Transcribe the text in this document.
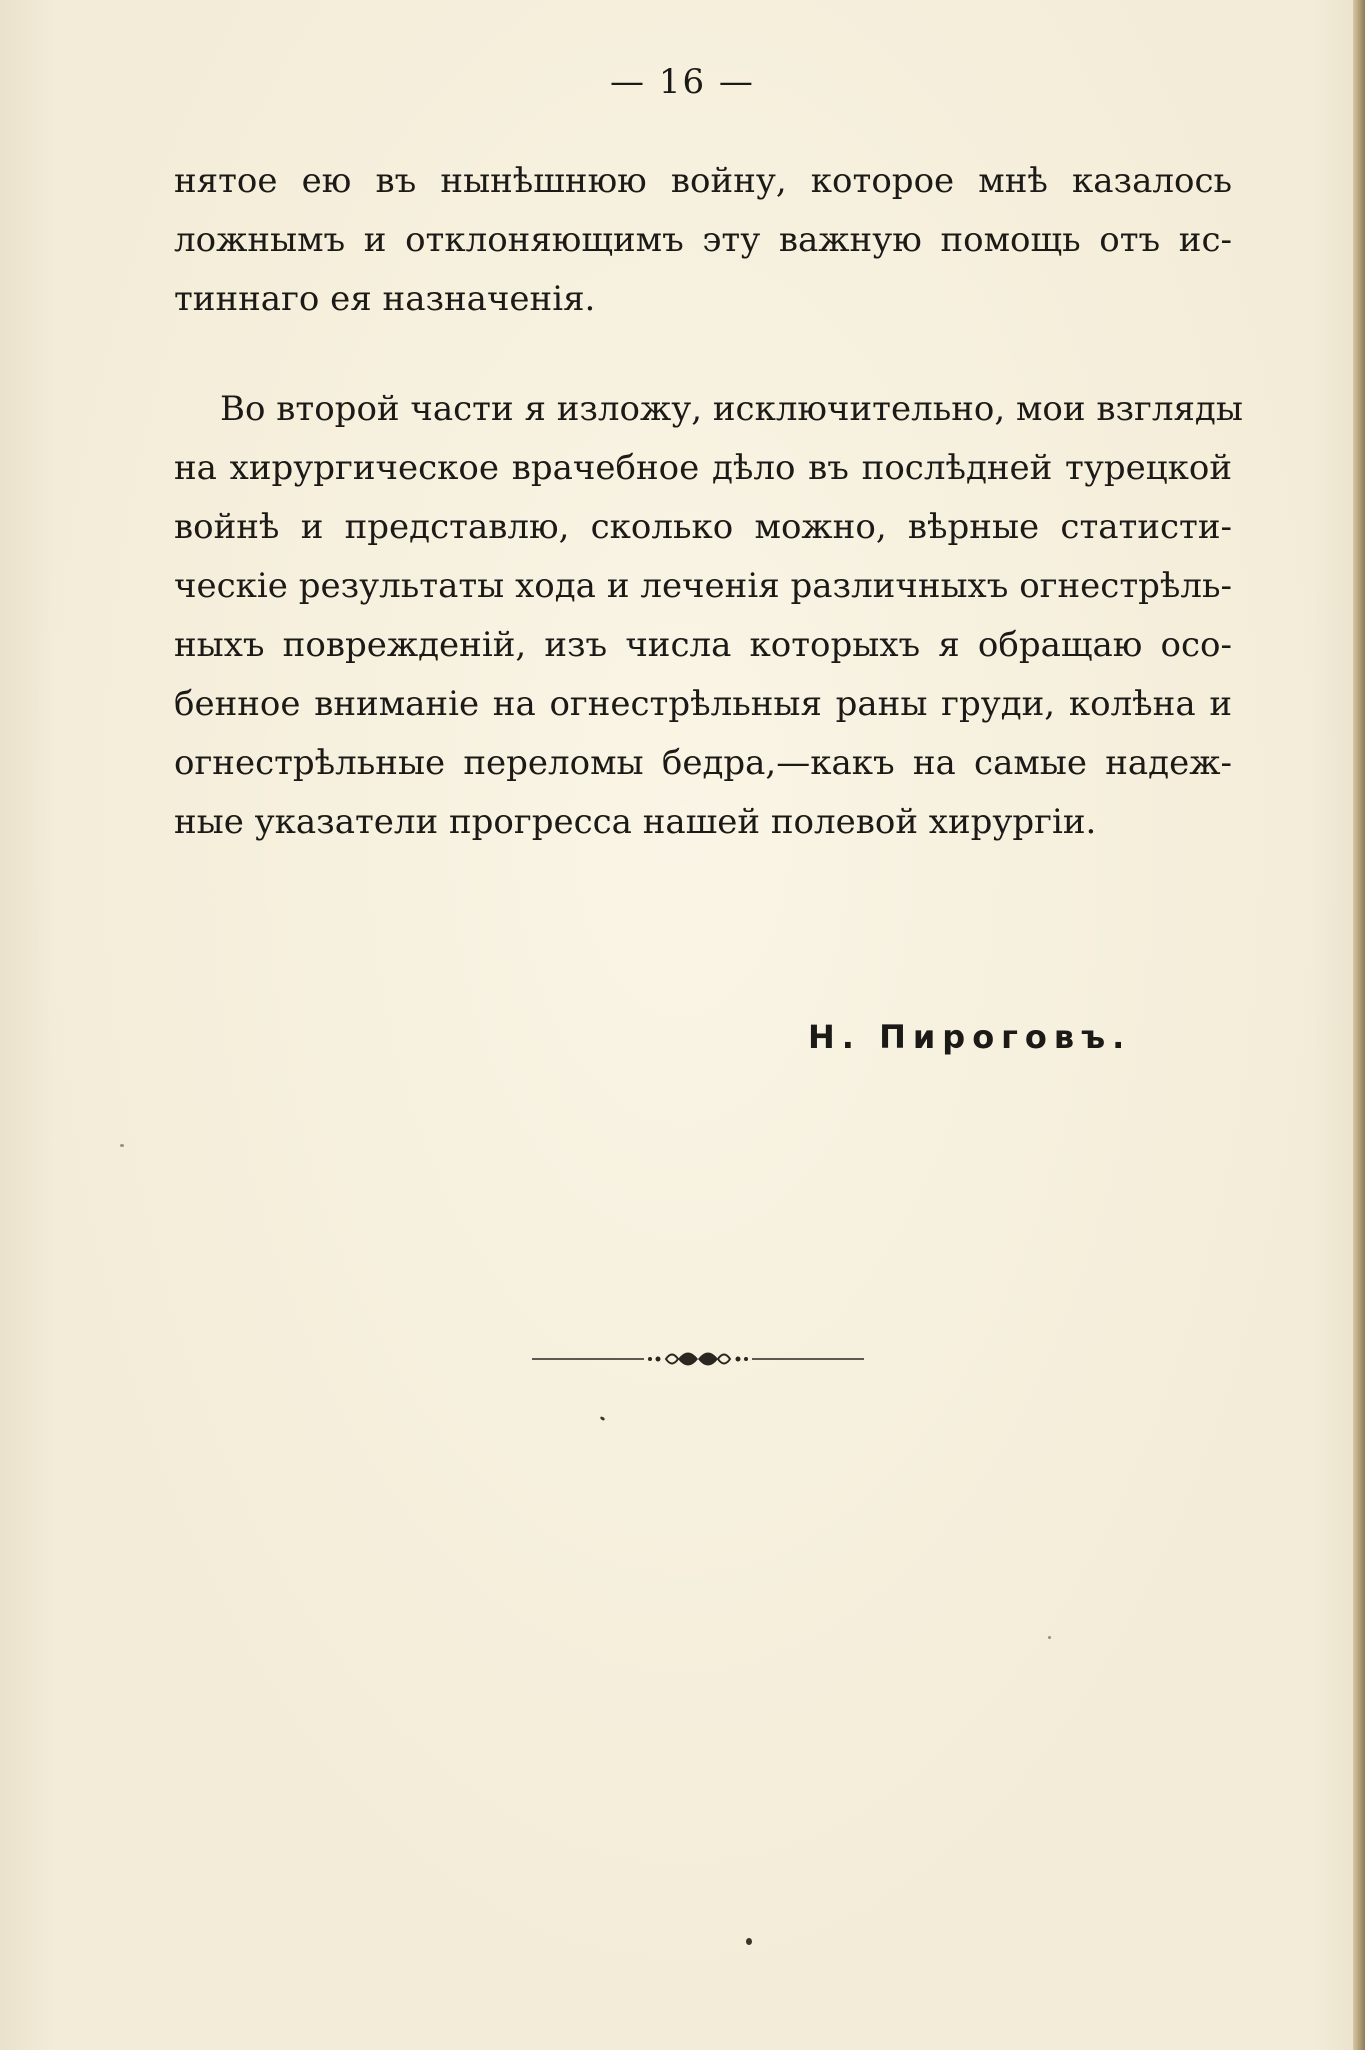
— 16 —
нятое ею въ нынѣшнюю войну, которое мнѣ казалось
ложнымъ и отклоняющимъ эту важную помощь отъ ис-
тиннаго ея назначенія.
Во второй части я изложу, исключительно, мои взгляды
на хирургическое врачебное дѣло въ послѣдней турецкой
войнѣ и представлю, сколько можно, вѣрные статисти-
ческіе результаты хода и леченія различныхъ огнестрѣль-
ныхъ поврежденій, изъ числа которыхъ я обращаю осо-
бенное вниманіе на огнестрѣльныя раны груди, колѣна и
огнестрѣльные переломы бедра,—какъ на самые надеж-
ные указатели прогресса нашей полевой хирургіи.
Н. Пироговъ.
